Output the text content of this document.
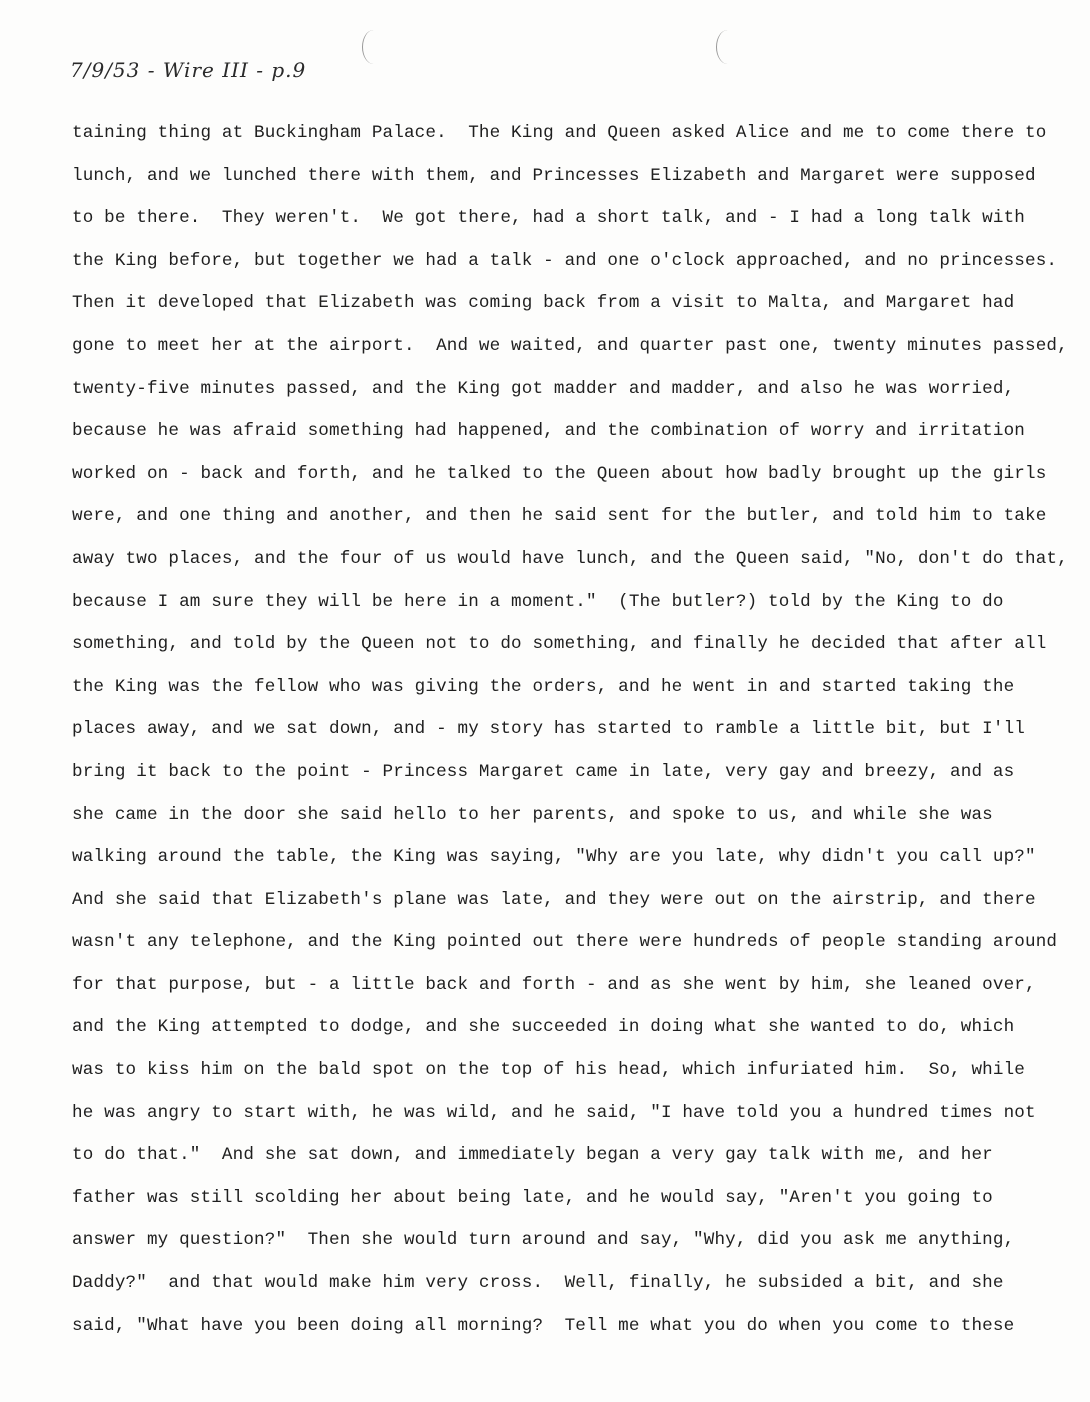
7/9/53 - Wire III - p.9
taining thing at Buckingham Palace.  The King and Queen asked Alice and me to come there to
lunch, and we lunched there with them, and Princesses Elizabeth and Margaret were supposed
to be there.  They weren't.  We got there, had a short talk, and - I had a long talk with
the King before, but together we had a talk - and one o'clock approached, and no princesses.
Then it developed that Elizabeth was coming back from a visit to Malta, and Margaret had
gone to meet her at the airport.  And we waited, and quarter past one, twenty minutes passed,
twenty-five minutes passed, and the King got madder and madder, and also he was worried,
because he was afraid something had happened, and the combination of worry and irritation
worked on - back and forth, and he talked to the Queen about how badly brought up the girls
were, and one thing and another, and then he said sent for the butler, and told him to take
away two places, and the four of us would have lunch, and the Queen said, "No, don't do that,
because I am sure they will be here in a moment."  (The butler?) told by the King to do
something, and told by the Queen not to do something, and finally he decided that after all
the King was the fellow who was giving the orders, and he went in and started taking the
places away, and we sat down, and - my story has started to ramble a little bit, but I'll
bring it back to the point - Princess Margaret came in late, very gay and breezy, and as
she came in the door she said hello to her parents, and spoke to us, and while she was
walking around the table, the King was saying, "Why are you late, why didn't you call up?"
And she said that Elizabeth's plane was late, and they were out on the airstrip, and there
wasn't any telephone, and the King pointed out there were hundreds of people standing around
for that purpose, but - a little back and forth - and as she went by him, she leaned over,
and the King attempted to dodge, and she succeeded in doing what she wanted to do, which
was to kiss him on the bald spot on the top of his head, which infuriated him.  So, while
he was angry to start with, he was wild, and he said, "I have told you a hundred times not
to do that."  And she sat down, and immediately began a very gay talk with me, and her
father was still scolding her about being late, and he would say, "Aren't you going to
answer my question?"  Then she would turn around and say, "Why, did you ask me anything,
Daddy?"  and that would make him very cross.  Well, finally, he subsided a bit, and she
said, "What have you been doing all morning?  Tell me what you do when you come to these
